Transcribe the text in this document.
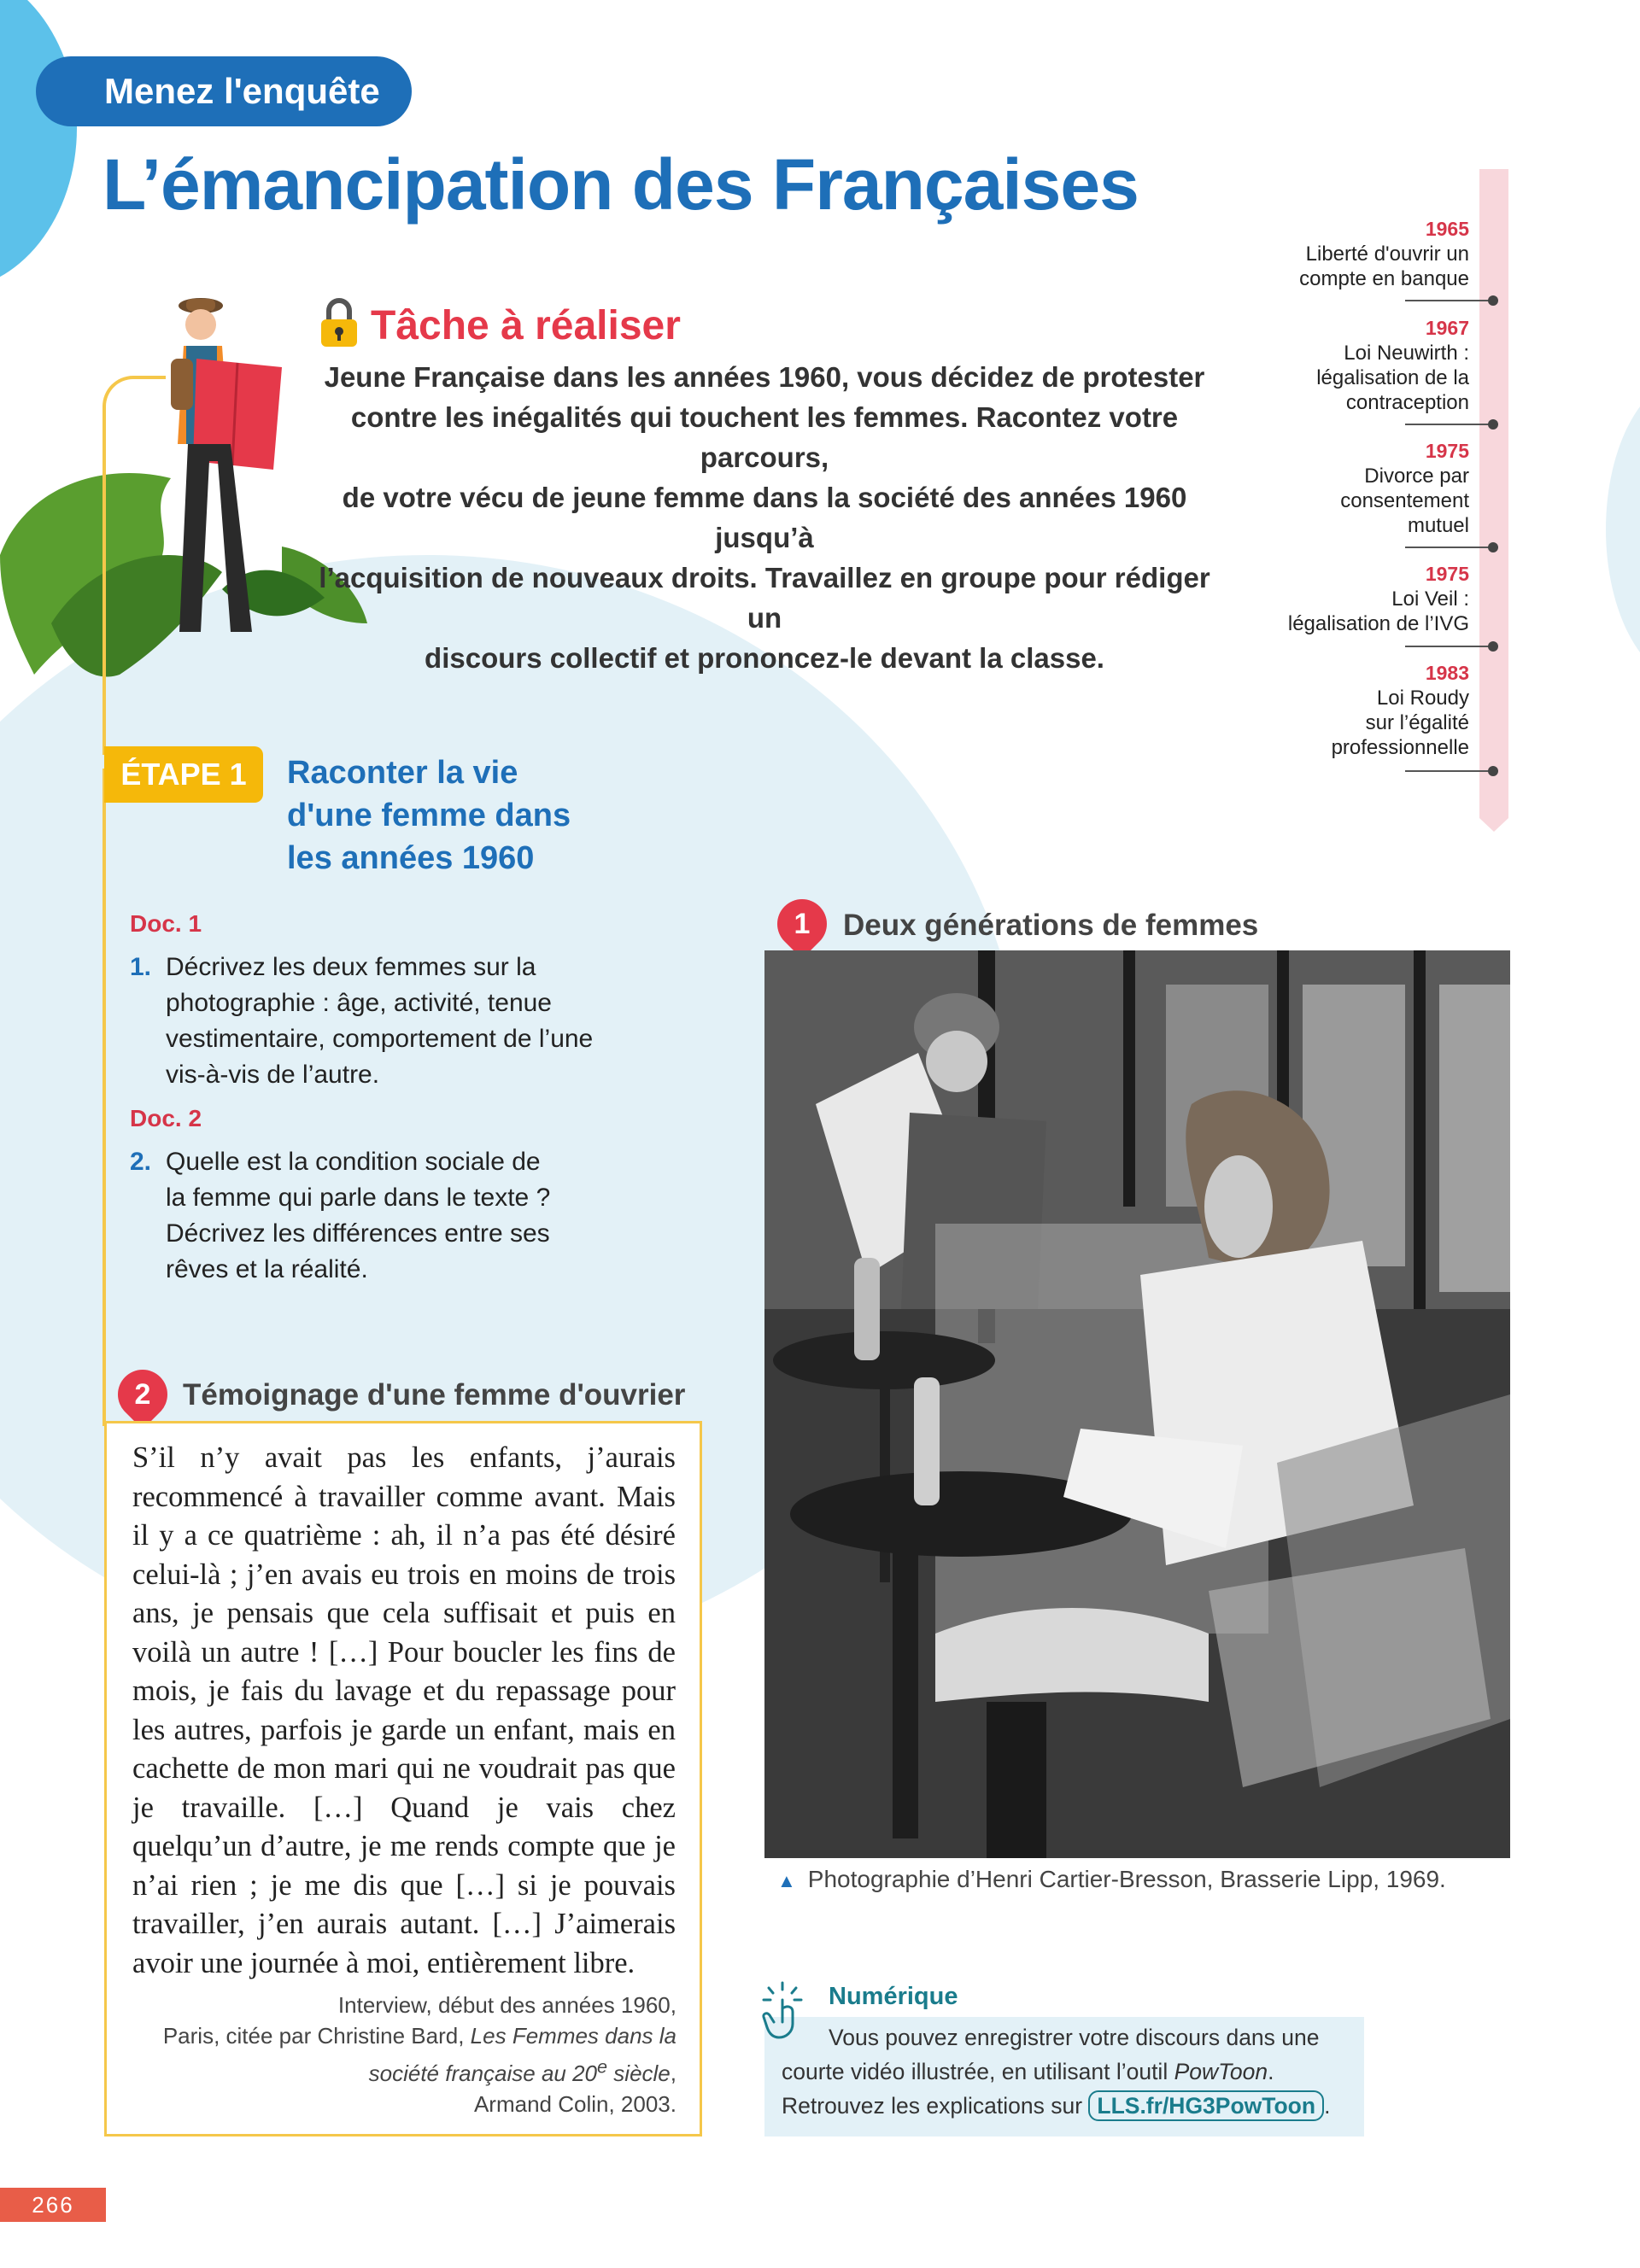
Menez l'enquête
L’émancipation des Françaises
Tâche à réaliser
Jeune Française dans les années 1960, vous décidez de protester
contre les inégalités qui touchent les femmes. Racontez votre parcours,
de votre vécu de jeune femme dans la société des années 1960 jusqu’à
l’acquisition de nouveaux droits. Travaillez en groupe pour rédiger un
discours collectif et prononcez-le devant la classe.
1965
Liberté d'ouvrir un
compte en banque
1967
Loi Neuwirth :
légalisation de la
contraception
1975
Divorce par
consentement
mutuel
1975
Loi Veil :
légalisation de l’IVG
1983
Loi Roudy
sur l’égalité
professionnelle
ÉTAPE 1	Raconter la vie
d'une femme dans
les années 1960
Doc. 1
1. Décrivez les deux femmes sur la
photographie : âge, activité, tenue
vestimentaire, comportement de l’une
vis-à-vis de l’autre.
Doc. 2
2. Quelle est la condition sociale de
la femme qui parle dans le texte ?
Décrivez les différences entre ses
rêves et la réalité.
1	Deux générations de femmes
▲ Photographie d’Henri Cartier-Bresson, Brasserie Lipp, 1969.
2	Témoignage d'une femme d'ouvrier
S’il n’y avait pas les enfants, j’aurais recommencé à travailler comme avant. Mais il y a ce quatrième : ah, il n’a pas été désiré celui-là ; j’en avais eu trois en moins de trois ans, je pensais que cela suffisait et puis en voilà un autre ! […] Pour boucler les fins de mois, je fais du lavage et du repassage pour les autres, parfois je garde un enfant, mais en cachette de mon mari qui ne voudrait pas que je travaille. […] Quand je vais chez quelqu’un d’autre, je me rends compte que je n’ai rien ; je me dis que […] si je pouvais travailler, j’en aurais autant. […] J’aimerais avoir une journée à moi, entièrement libre.
Interview, début des années 1960,
Paris, citée par Christine Bard, Les Femmes dans la société française au 20e siècle,
Armand Colin, 2003.
Numérique
Vous pouvez enregistrer votre discours dans une courte vidéo illustrée, en utilisant l’outil PowToon. Retrouvez les explications sur LLS.fr/HG3PowToon .
266
